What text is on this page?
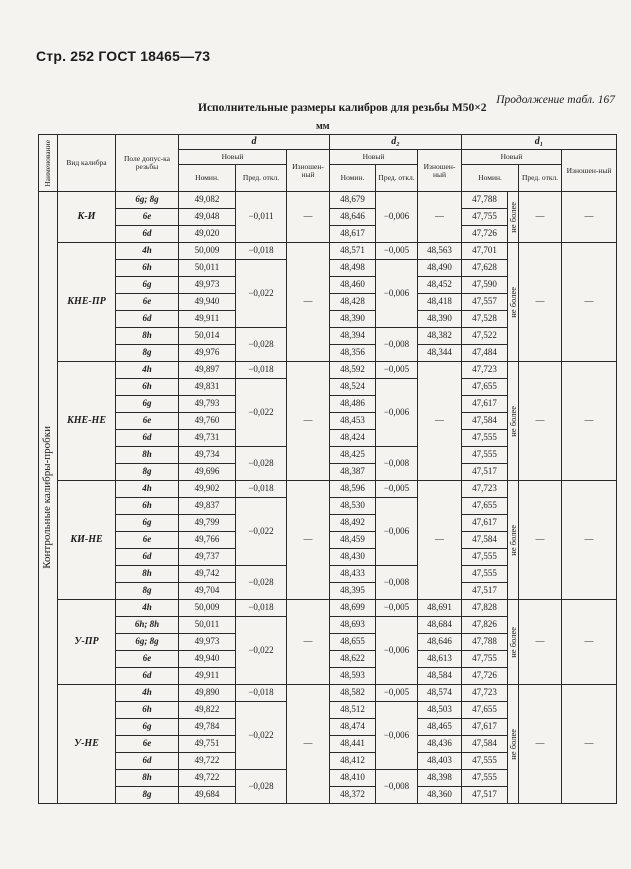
Стр. 252 ГОСТ 18465—73
Исполнительные размеры калибров для резьбы M50×2
Продолжение табл. 167
мм
Наименование	Вид калибра	Поле допус-ка резьбы	d			d₂			d₁			
			Новый		Изношен-ный	Новый		Изношен-ный	Новый			Изношен-ный
			Номин.	Пред. откл.		Номин.	Пред. откл.		Номин.		Пред. откл.	

Контрольные калибры-пробки	К-И	6g; 8g	49,082	−0,011	—	48,679	−0,006	—	47,788	не более	—	—
		6e	49,048			48,646			47,755			
		6d	49,020			48,617			47,726			
	КНЕ-ПР	4h	50,009	−0,018	—	48,571	−0,005	48,563	47,701	не более	—	—
		6h	50,011	−0,022		48,498	−0,006	48,490	47,628			
		6g	49,973			48,460		48,452	47,590			
		6e	49,940			48,428		48,418	47,557			
		6d	49,911			48,390		48,390	47,528			
		8h	50,014	−0,028		48,394	−0,008	48,382	47,522			
		8g	49,976			48,356		48,344	47,484			
	КНЕ-НЕ	4h	49,897	−0,018	—	48,592	−0,005	—	47,723	не более	—	—
		6h	49,831	−0,022		48,524	−0,006		47,655			
		6g	49,793			48,486			47,617			
		6e	49,760			48,453			47,584			
		6d	49,731			48,424			47,555			
		8h	49,734	−0,028		48,425	−0,008		47,555			
		8g	49,696			48,387			47,517			
	КИ-НЕ	4h	49,902	−0,018	—	48,596	−0,005	—	47,723	не более	—	—
		6h	49,837	−0,022		48,530	−0,006		47,655			
		6g	49,799			48,492			47,617			
		6e	49,766			48,459			47,584			
		6d	49,737			48,430			47,555			
		8h	49,742	−0,028		48,433	−0,008		47,555			
		8g	49,704			48,395			47,517			
	У-ПР	4h	50,009	−0,018	—	48,699	−0,005	48,691	47,828	не более	—	—
		6h; 8h	50,011	−0,022		48,693	−0,006	48,684	47,826			
		6g; 8g	49,973			48,655		48,646	47,788			
		6e	49,940			48,622		48,613	47,755			
		6d	49,911			48,593		48,584	47,726			
	У-НЕ	4h	49,890	−0,018	—	48,582	−0,005	48,574	47,723	не более	—	—
		6h	49,822	−0,022		48,512	−0,006	48,503	47,655			
		6g	49,784			48,474		48,465	47,617			
		6e	49,751			48,441		48,436	47,584			
		6d	49,722			48,412		48,403	47,555			
		8h	49,722	−0,028		48,410	−0,008	48,398	47,555			
		8g	49,684			48,372		48,360	47,517			
